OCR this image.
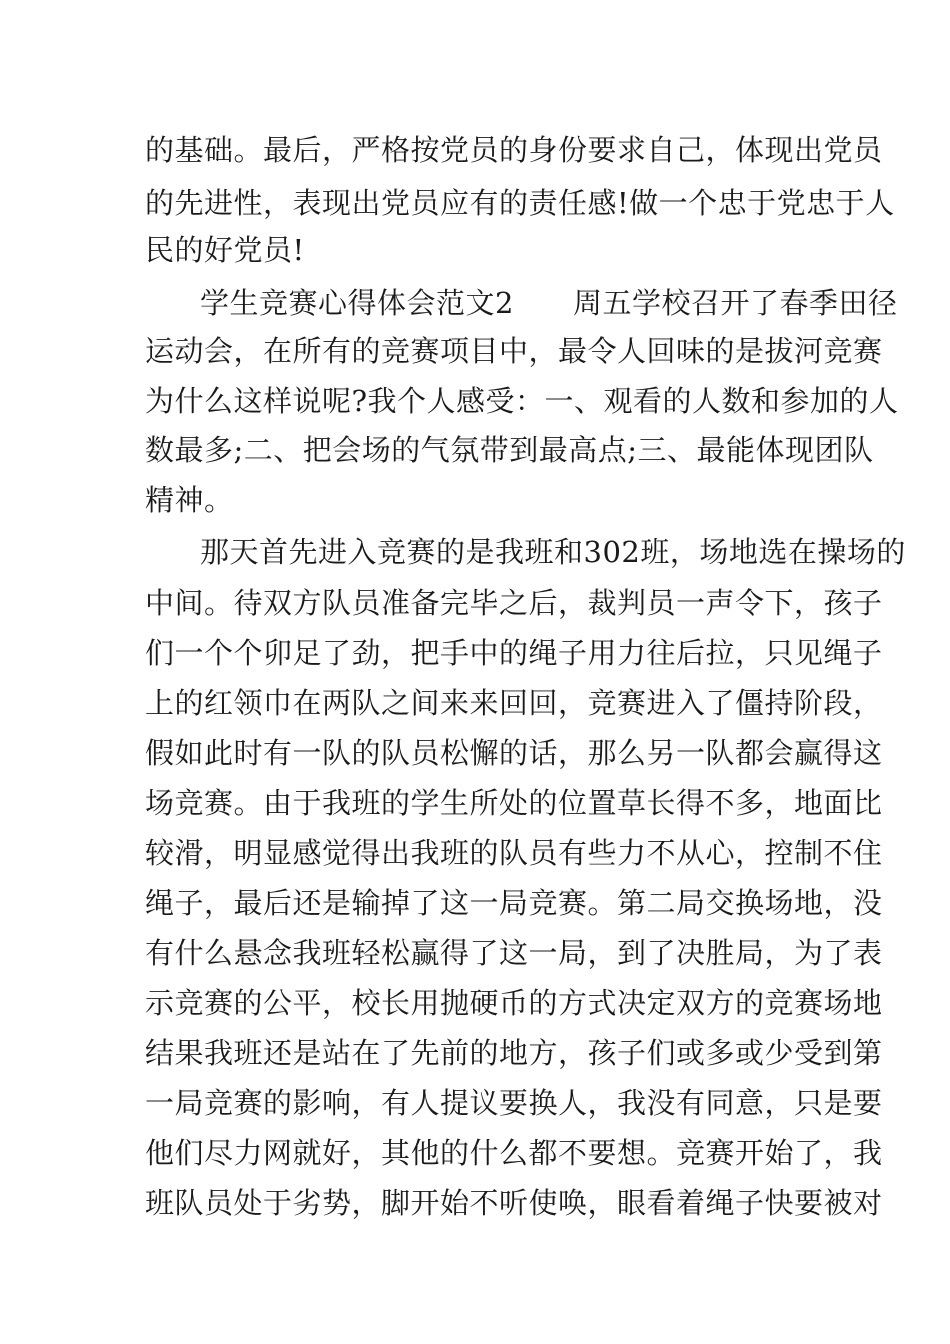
的基础。最后，严格按党员的身份要求自己，体现出党员
的先进性，表现出党员应有的责任感!做一个忠于党忠于人
民的好党员!
学生竞赛心得体会范文2　　周五学校召开了春季田径
运动会，在所有的竞赛项目中，最令人回味的是拔河竞赛
为什么这样说呢?我个人感受：一、观看的人数和参加的人
数最多;二、把会场的气氛带到最高点;三、最能体现团队
精神。
那天首先进入竞赛的是我班和302班，场地选在操场的
中间。待双方队员准备完毕之后，裁判员一声令下，孩子
们一个个卯足了劲，把手中的绳子用力往后拉，只见绳子
上的红领巾在两队之间来来回回，竞赛进入了僵持阶段，
假如此时有一队的队员松懈的话，那么另一队都会赢得这
场竞赛。由于我班的学生所处的位置草长得不多，地面比
较滑，明显感觉得出我班的队员有些力不从心，控制不住
绳子，最后还是输掉了这一局竞赛。第二局交换场地，没
有什么悬念我班轻松赢得了这一局，到了决胜局，为了表
示竞赛的公平，校长用抛硬币的方式决定双方的竞赛场地
结果我班还是站在了先前的地方，孩子们或多或少受到第
一局竞赛的影响，有人提议要换人，我没有同意，只是要
他们尽力网就好，其他的什么都不要想。竞赛开始了，我
班队员处于劣势，脚开始不听使唤，眼看着绳子快要被对
